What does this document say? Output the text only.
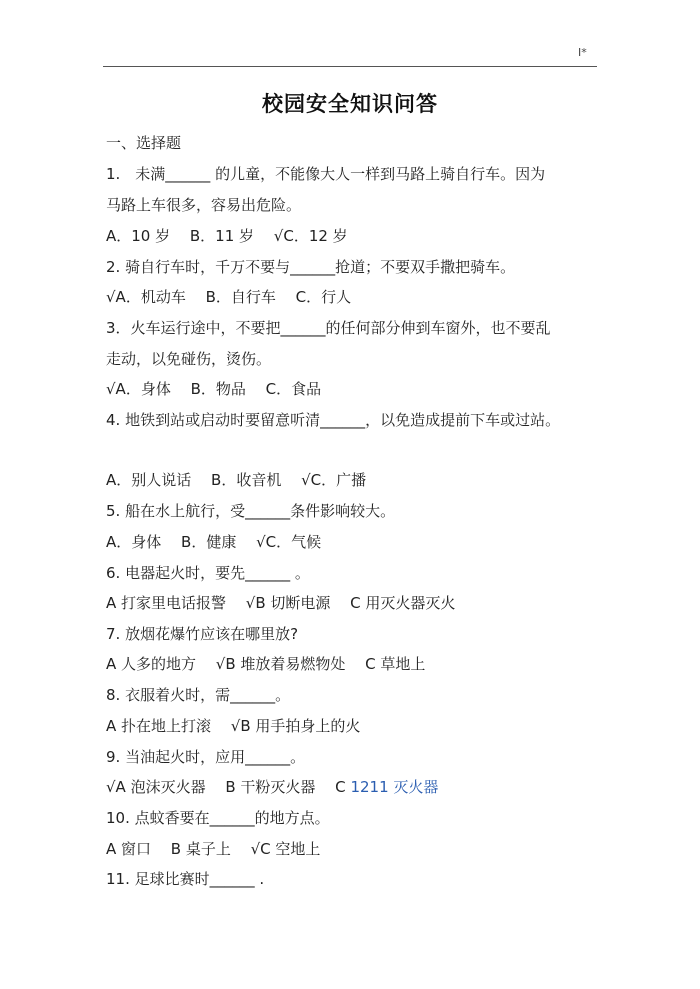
I*
校园安全知识问答
一、选择题
1.　未满______ 的儿童，不能像大人一样到马路上骑自行车。因为
马路上车很多，容易出危险。
A．10 岁　 B．11 岁　 √C．12 岁
2. 骑自行车时，千万不要与______抢道；不要双手撒把骑车。
√A．机动车　 B．自行车　 C．行人
3．火车运行途中，不要把______的任何部分伸到车窗外，也不要乱
走动，以免碰伤，烫伤。
√A．身体　 B．物品　 C．食品
4. 地铁到站或启动时要留意听清______，以免造成提前下车或过站。
A．别人说话　 B．收音机　 √C．广播
5. 船在水上航行，受______条件影响较大。
A．身体　 B．健康　 √C．气候
6. 电器起火时，要先______ 。
A 打家里电话报警　 √B 切断电源　 C 用灭火器灭火
7. 放烟花爆竹应该在哪里放?
A 人多的地方　 √B 堆放着易燃物处　 C 草地上
8. 衣服着火时，需______。
A 扑在地上打滚　 √B 用手拍身上的火
9. 当油起火时，应用______。
√A 泡沫灭火器　 B 干粉灭火器　 C 1211 灭火器
10. 点蚊香要在______的地方点。
A 窗口　 B 桌子上　 √C 空地上
11. 足球比赛时______ .
